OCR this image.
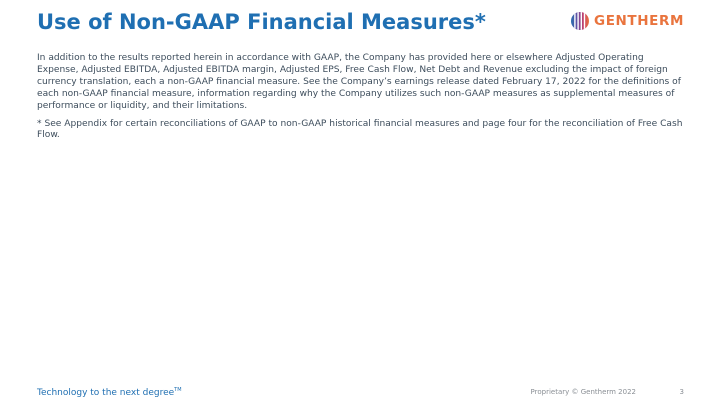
Use of Non-GAAP Financial Measures*	GENTHERM

In addition to the results reported herein in accordance with GAAP, the Company has provided here or elsewhere Adjusted Operating Expense, Adjusted EBITDA, Adjusted EBITDA margin, Adjusted EPS, Free Cash Flow, Net Debt and Revenue excluding the impact of foreign currency translation, each a non-GAAP financial measure. See the Company’s earnings release dated February 17, 2022 for the definitions of each non-GAAP financial measure, information regarding why the Company utilizes such non-GAAP measures as supplemental measures of performance or liquidity, and their limitations.

* See Appendix for certain reconciliations of GAAP to non-GAAP historical financial measures and page four for the reconciliation of Free Cash Flow.

Technology to the next degree™	Proprietary © Gentherm 2022	3
